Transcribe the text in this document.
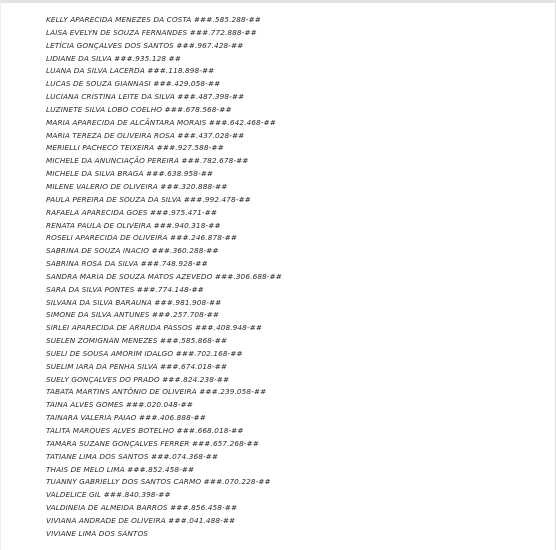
KELLY APARECIDA MENEZES DA COSTA ###.585.288-##
LAISA EVELYN DE SOUZA FERNANDES ###.772.888-##
LETÍCIA GONÇALVES DOS SANTOS ###.967.428-##
LIDIANE DA SILVA ###.935.128 ##
LUANA DA SILVA LACERDA ###.118.898-##
LUCAS DE SOUZA GIANNASI ###.429.058-##
LUCIANA CRISTINA LEITE DA SILVA ###.487.398-##
LUZINETE SILVA LOBO COELHO ###.678.568-##
MARIA APARECIDA DE ALCÂNTARA MORAIS ###.642.468-##
MARIA TEREZA DE OLIVEIRA ROSA ###.437.028-##
MERIELLI PACHECO TEIXEIRA ###.927.588-##
MICHELE DA ANUNCIAÇÃO PEREIRA ###.782.678-##
MICHELE DA SILVA BRAGA ###.638.958-##
MILENE VALERIO DE OLIVEIRA ###.320.888-##
PAULA PEREIRA DE SOUZA DA SILVA ###.992.478-##
RAFAELA APARECIDA GOES ###.975.471-##
RENATA PAULA DE OLIVEIRA ###.940.318-##
ROSELI APARECIDA DE OLIVEIRA ###.246.878-##
SABRINA DE SOUZA INACIO ###.360.288-##
SABRINA ROSA DA SILVA ###.748.928-##
SANDRA MARIA DE SOUZA MATOS AZEVEDO ###.306.688-##
SARA DA SILVA PONTES ###.774.148-##
SILVANA DA SILVA BARAUNA ###.981.908-##
SIMONE DA SILVA ANTUNES ###.257.708-##
SIRLEI APARECIDA DE ARRUDA PASSOS ###.408.948-##
SUELEN ZOMIGNAN MENEZES ###.585.868-##
SUELI DE SOUSA AMORIM IDALGO ###.702.168-##
SUELIM IARA DA PENHA SILVA ###.674.018-##
SUELY GONÇALVES DO PRADO ###.824.238-##
TABATA MARTINS ANTÔNIO DE OLIVEIRA ###.239.058-##
TAINA ALVES GOMES ###.020.048-##
TAINARA VALERIA PAIAO ###.406.888-##
TALITA MARQUES ALVES BOTELHO ###.668.018-##
TAMARA SUZANE GONÇALVES FERRER ###.657.268-##
TATIANE LIMA DOS SANTOS ###.074.368-##
THAIS DE MELO LIMA ###.852.458-##
TUANNY GABRIELLY DOS SANTOS CARMO ###.070.228-##
VALDELICE GIL ###.840.398-##
VALDINEIA DE ALMEIDA BARROS ###.856.458-##
VIVIANA ANDRADE DE OLIVEIRA ###.041.488-##
VIVIANE LIMA DOS SANTOS
